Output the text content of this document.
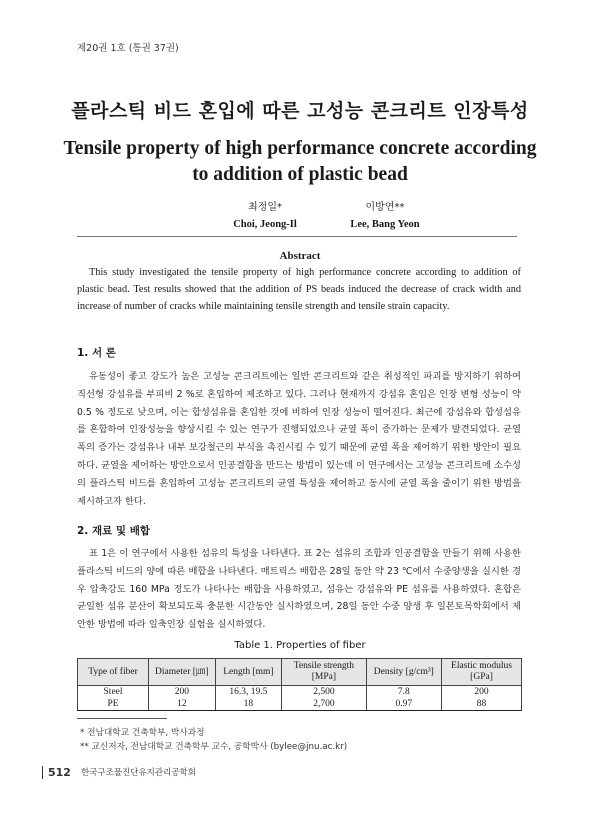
제20권 1호 (통권 37권)
플라스틱 비드 혼입에 따른 고성능 콘크리트 인장특성
Tensile property of high performance concrete according to addition of plastic bead
최정일*
Choi, Jeong-Il
이방연**
Lee, Bang Yeon
Abstract
This study investigated the tensile property of high performance concrete according to addition of plastic bead. Test results showed that the addition of PS beads induced the decrease of crack width and increase of number of cracks while maintaining tensile strength and tensile strain capacity.
1. 서 론
유동성이 좋고 강도가 높은 고성능 콘크리트에는 일반 콘크리트와 같은 취성적인 파괴를 방지하기 위하여 직선형 강섬유를 부피비 2 %로 혼입하여 제조하고 있다. 그러나 현재까지 강섬유 혼입은 인장 변형 성능이 약 0.5 % 정도로 낮으며, 이는 합성섬유를 혼입한 것에 비하여 인장 성능이 떨어진다. 최근에 강섬유와 합성섬유를 혼합하여 인장성능을 향상시킬 수 있는 연구가 진행되었으나 균열 폭이 증가하는 문제가 발견되었다. 균열 폭의 증가는 강섬유나 내부 보강철근의 부식을 촉진시킬 수 있기 때문에 균열 폭을 제어하기 위한 방안이 필요하다. 균열을 제어하는 방안으로서 인공결함을 만드는 방법이 있는데 이 연구에서는 고성능 콘크리트에 소수성의 플라스틱 비드를 혼입하여 고성능 콘크리트의 균열 특성을 제어하고 동시에 균열 폭을 줄이기 위한 방법을 제시하고자 한다.
2. 재료 및 배합
표 1은 이 연구에서 사용한 섬유의 특성을 나타낸다. 표 2는 섬유의 조합과 인공결함을 만들기 위해 사용한 플라스틱 비드의 양에 따른 배합을 나타낸다. 매트릭스 배합은 28일 동안 약 23 ℃에서 수중양생을 실시한 경우 압축강도 160 MPa 정도가 나타나는 배합을 사용하였고, 섬유는 강섬유와 PE 섬유를 사용하였다. 혼합은 균일한 섬유 분산이 확보되도록 충분한 시간동안 실시하였으며, 28일 동안 수중 양생 후 일본토목학회에서 제안한 방법에 따라 일축인장 실험을 실시하였다.
Table 1. Properties of fiber
Type of fiber	Diameter [㎛]	Length [mm]	Tensile strength [MPa]	Density [g/cm³]	Elastic modulus [GPa]
Steel	200	16.3, 19.5	2,500	7.8	200
PE	12	18	2,700	0.97	88
* 전남대학교 건축학부, 박사과정
** 교신저자, 전남대학교 건축학부 교수, 공학박사 (bylee@jnu.ac.kr)
512 한국구조물진단유지관리공학회
